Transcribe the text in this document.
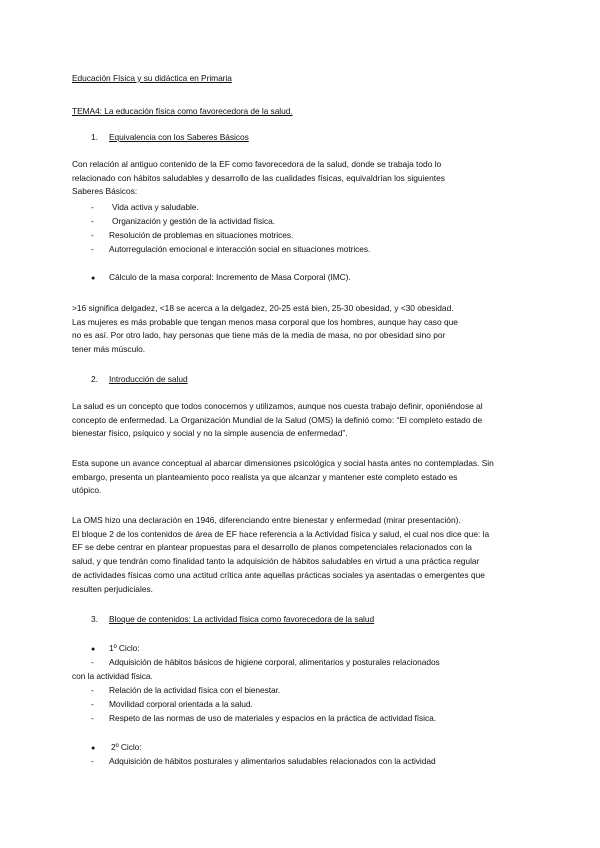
Educación Física y su didáctica en Primaria
TEMA4: La educación física como favorecedora de la salud.
1. Equivalencia con los Saberes Básicos
Con relación al antiguo contenido de la EF como favorecedora de la salud, donde se trabaja todo lo
relacionado con hábitos saludables y desarrollo de las cualidades físicas, equivaldrían los siguientes
Saberes Básicos:
- Vida activa y saludable.
- Organización y gestión de la actividad física.
- Resolución de problemas en situaciones motrices.
- Autorregulación emocional e interacción social en situaciones motrices.
● Cálculo de la masa corporal: Incremento de Masa Corporal (IMC).
>16 significa delgadez, <18 se acerca a la delgadez, 20-25 está bien, 25-30 obesidad, y <30 obesidad.
Las mujeres es más probable que tengan menos masa corporal que los hombres, aunque hay caso que
no es así. Por otro lado, hay personas que tiene más de la media de masa, no por obesidad sino por
tener más músculo.
2. Introducción de salud
La salud es un concepto que todos conocemos y utilizamos, aunque nos cuesta trabajo definir, oponiéndose al
concepto de enfermedad. La Organización Mundial de la Salud (OMS) la definió como: “El completo estado de
bienestar físico, psíquico y social y no la simple ausencia de enfermedad”.
Esta supone un avance conceptual al abarcar dimensiones psicológica y social hasta antes no contempladas. Sin
embargo, presenta un planteamiento poco realista ya que alcanzar y mantener este completo estado es
utópico.
La OMS hizo una declaración en 1946, diferenciando entre bienestar y enfermedad (mirar presentación).
El bloque 2 de los contenidos de área de EF hace referencia a la Actividad física y salud, el cual nos dice que: la
EF se debe centrar en plantear propuestas para el desarrollo de planos competenciales relacionados con la
salud, y que tendrán como finalidad tanto la adquisición de hábitos saludables en virtud a una práctica regular
de actividades físicas como una actitud crítica ante aquellas prácticas sociales ya asentadas o emergentes que
resulten perjudiciales.
3. Bloque de contenidos: La actividad física como favorecedora de la salud
● 1º Ciclo:
- Adquisición de hábitos básicos de higiene corporal, alimentarios y posturales relacionados
con la actividad física.
- Relación de la actividad física con el bienestar.
- Movilidad corporal orientada a la salud.
- Respeto de las normas de uso de materiales y espacios en la práctica de actividad física.
● 2º Ciclo:
- Adquisición de hábitos posturales y alimentarios saludables relacionados con la actividad
